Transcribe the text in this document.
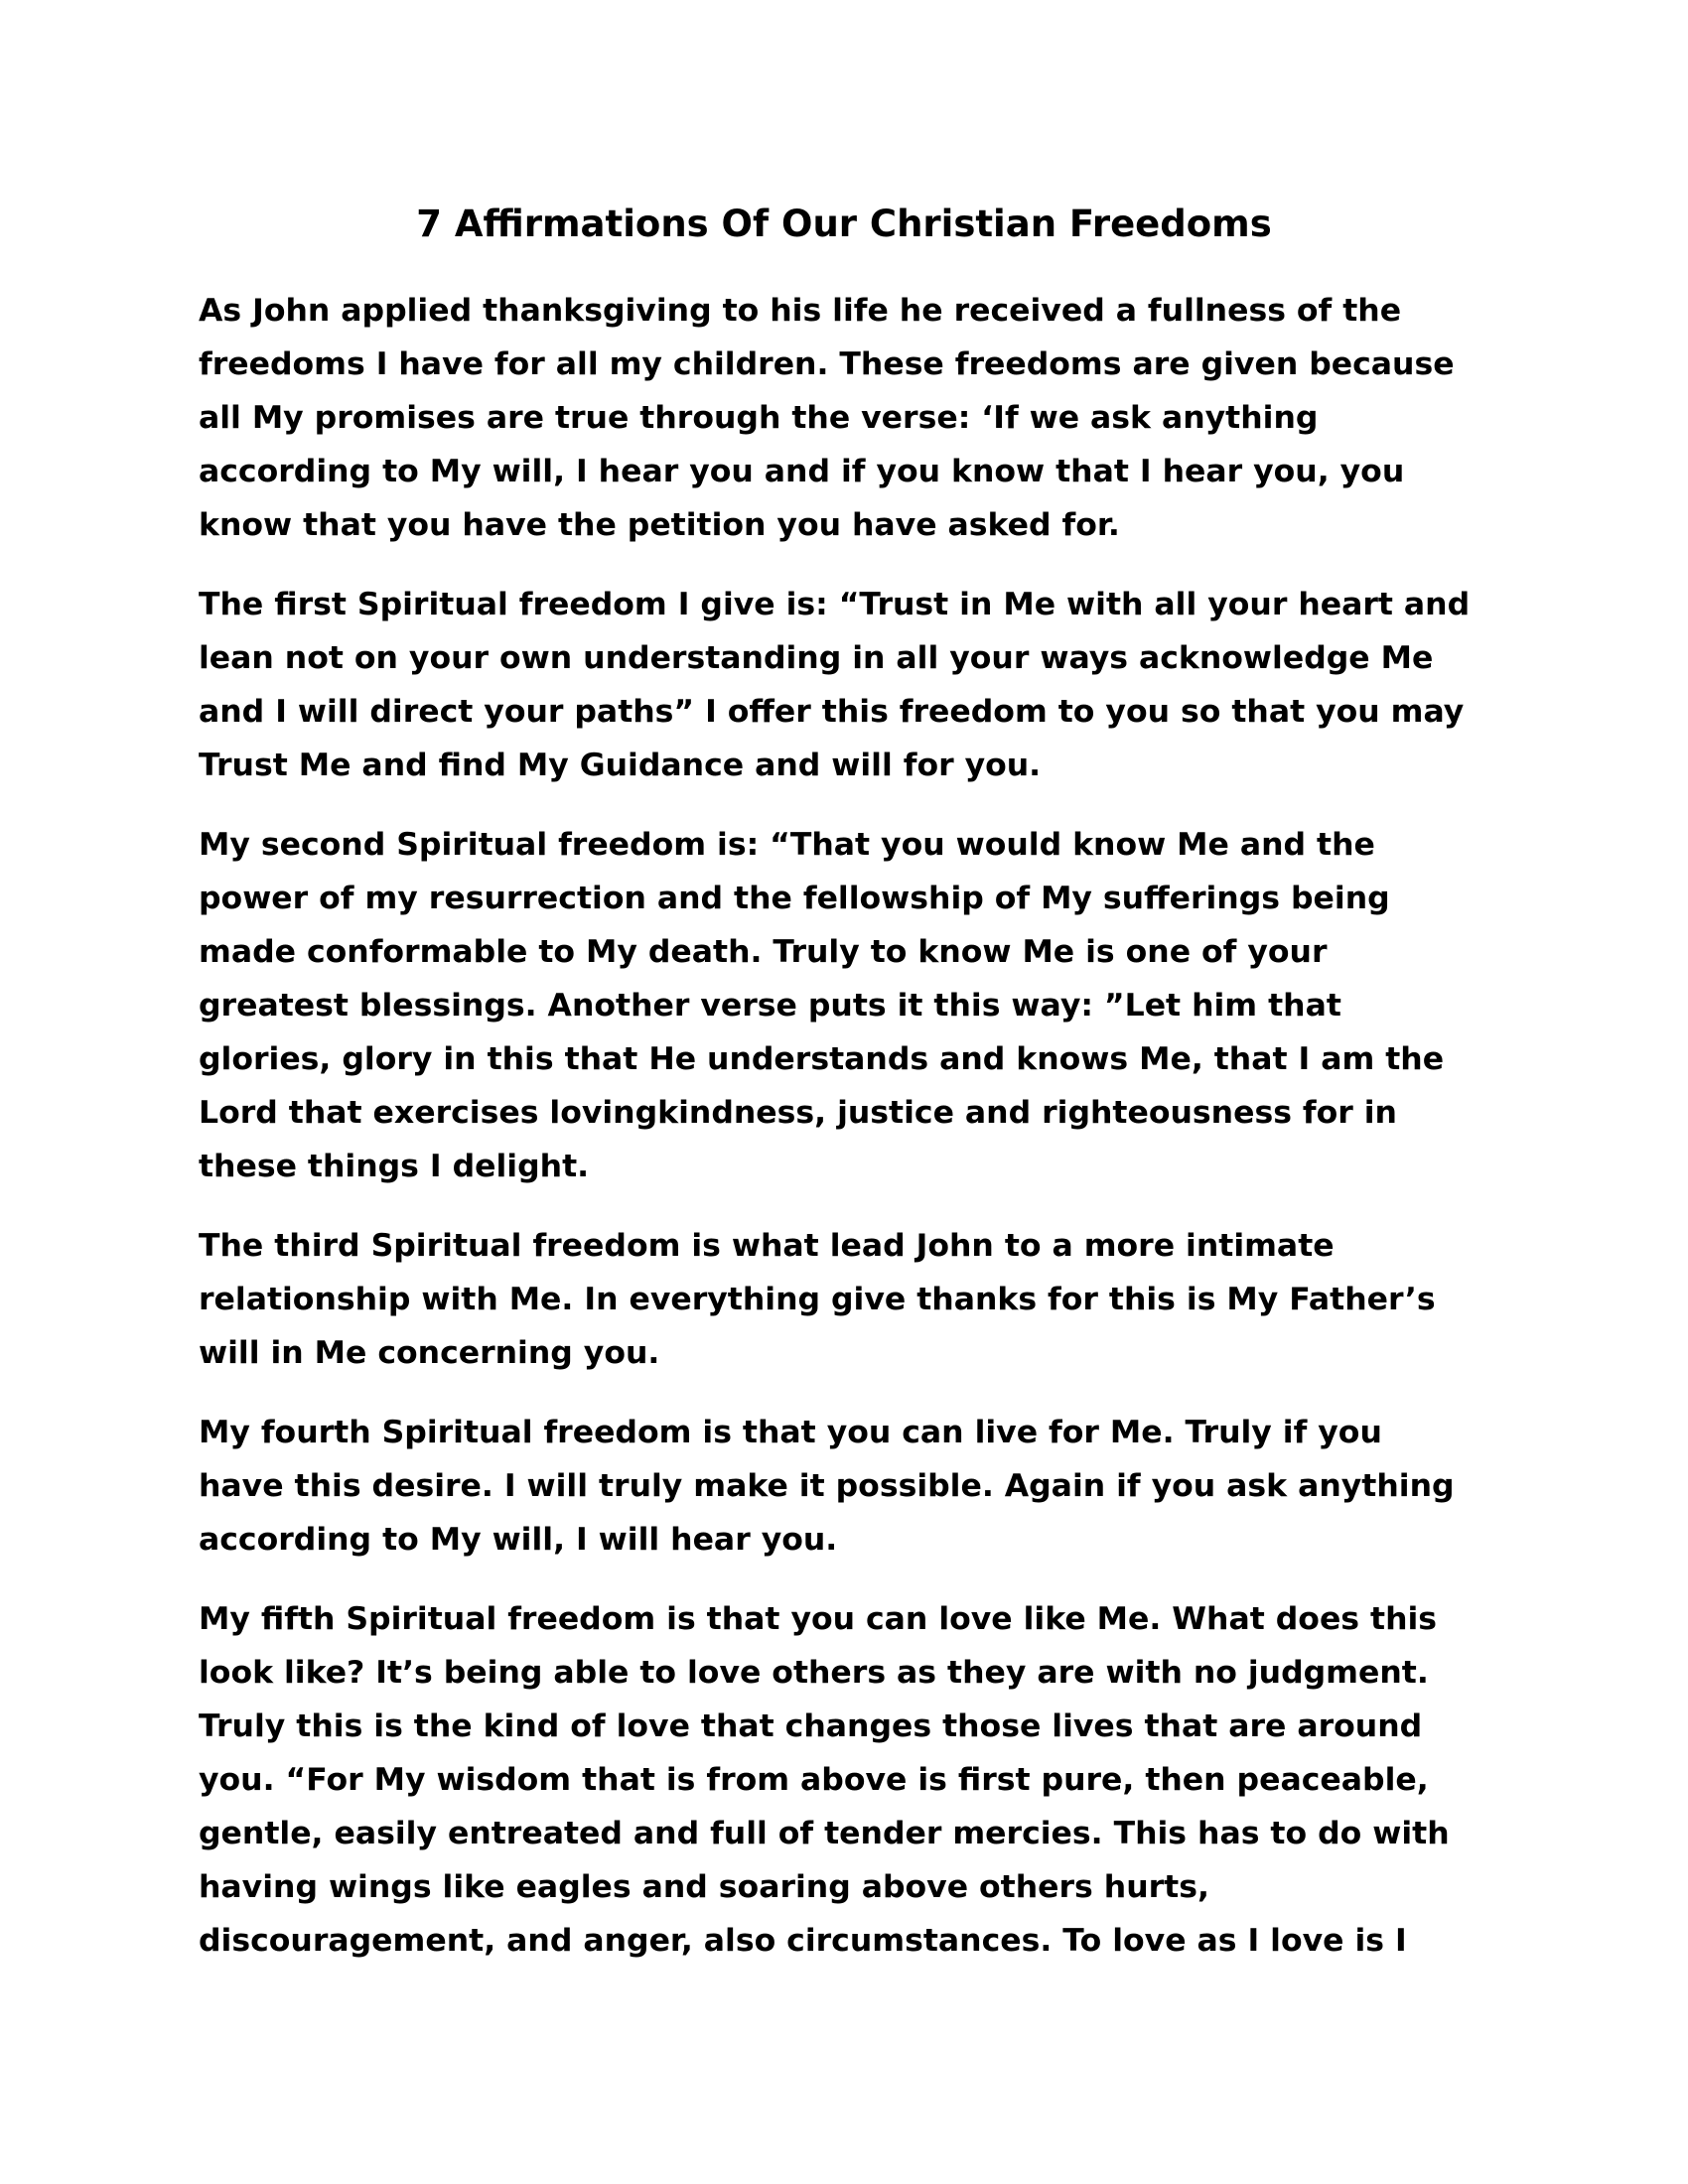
7 Affirmations Of Our Christian Freedoms

As John applied thanksgiving to his life he received a fullness of the
freedoms I have for all my children. These freedoms are given because
all My promises are true through the verse: ‘If we ask anything
according to My will, I hear you and if you know that I hear you, you
know that you have the petition you have asked for.

The first Spiritual freedom I give is: “Trust in Me with all your heart and
lean not on your own understanding in all your ways acknowledge Me
and I will direct your paths” I offer this freedom to you so that you may
Trust Me and find My Guidance and will for you.

My second Spiritual freedom is: “That you would know Me and the
power of my resurrection and the fellowship of My sufferings being
made conformable to My death. Truly to know Me is one of your
greatest blessings. Another verse puts it this way: ”Let him that
glories, glory in this that He understands and knows Me, that I am the
Lord that exercises lovingkindness, justice and righteousness for in
these things I delight.

The third Spiritual freedom is what lead John to a more intimate
relationship with Me. In everything give thanks for this is My Father’s
will in Me concerning you.

My fourth Spiritual freedom is that you can live for Me. Truly if you
have this desire. I will truly make it possible. Again if you ask anything
according to My will, I will hear you.

My fifth Spiritual freedom is that you can love like Me. What does this
look like? It’s being able to love others as they are with no judgment.
Truly this is the kind of love that changes those lives that are around
you. “For My wisdom that is from above is first pure, then peaceable,
gentle, easily entreated and full of tender mercies. This has to do with
having wings like eagles and soaring above others hurts,
discouragement, and anger, also circumstances. To love as I love is I
